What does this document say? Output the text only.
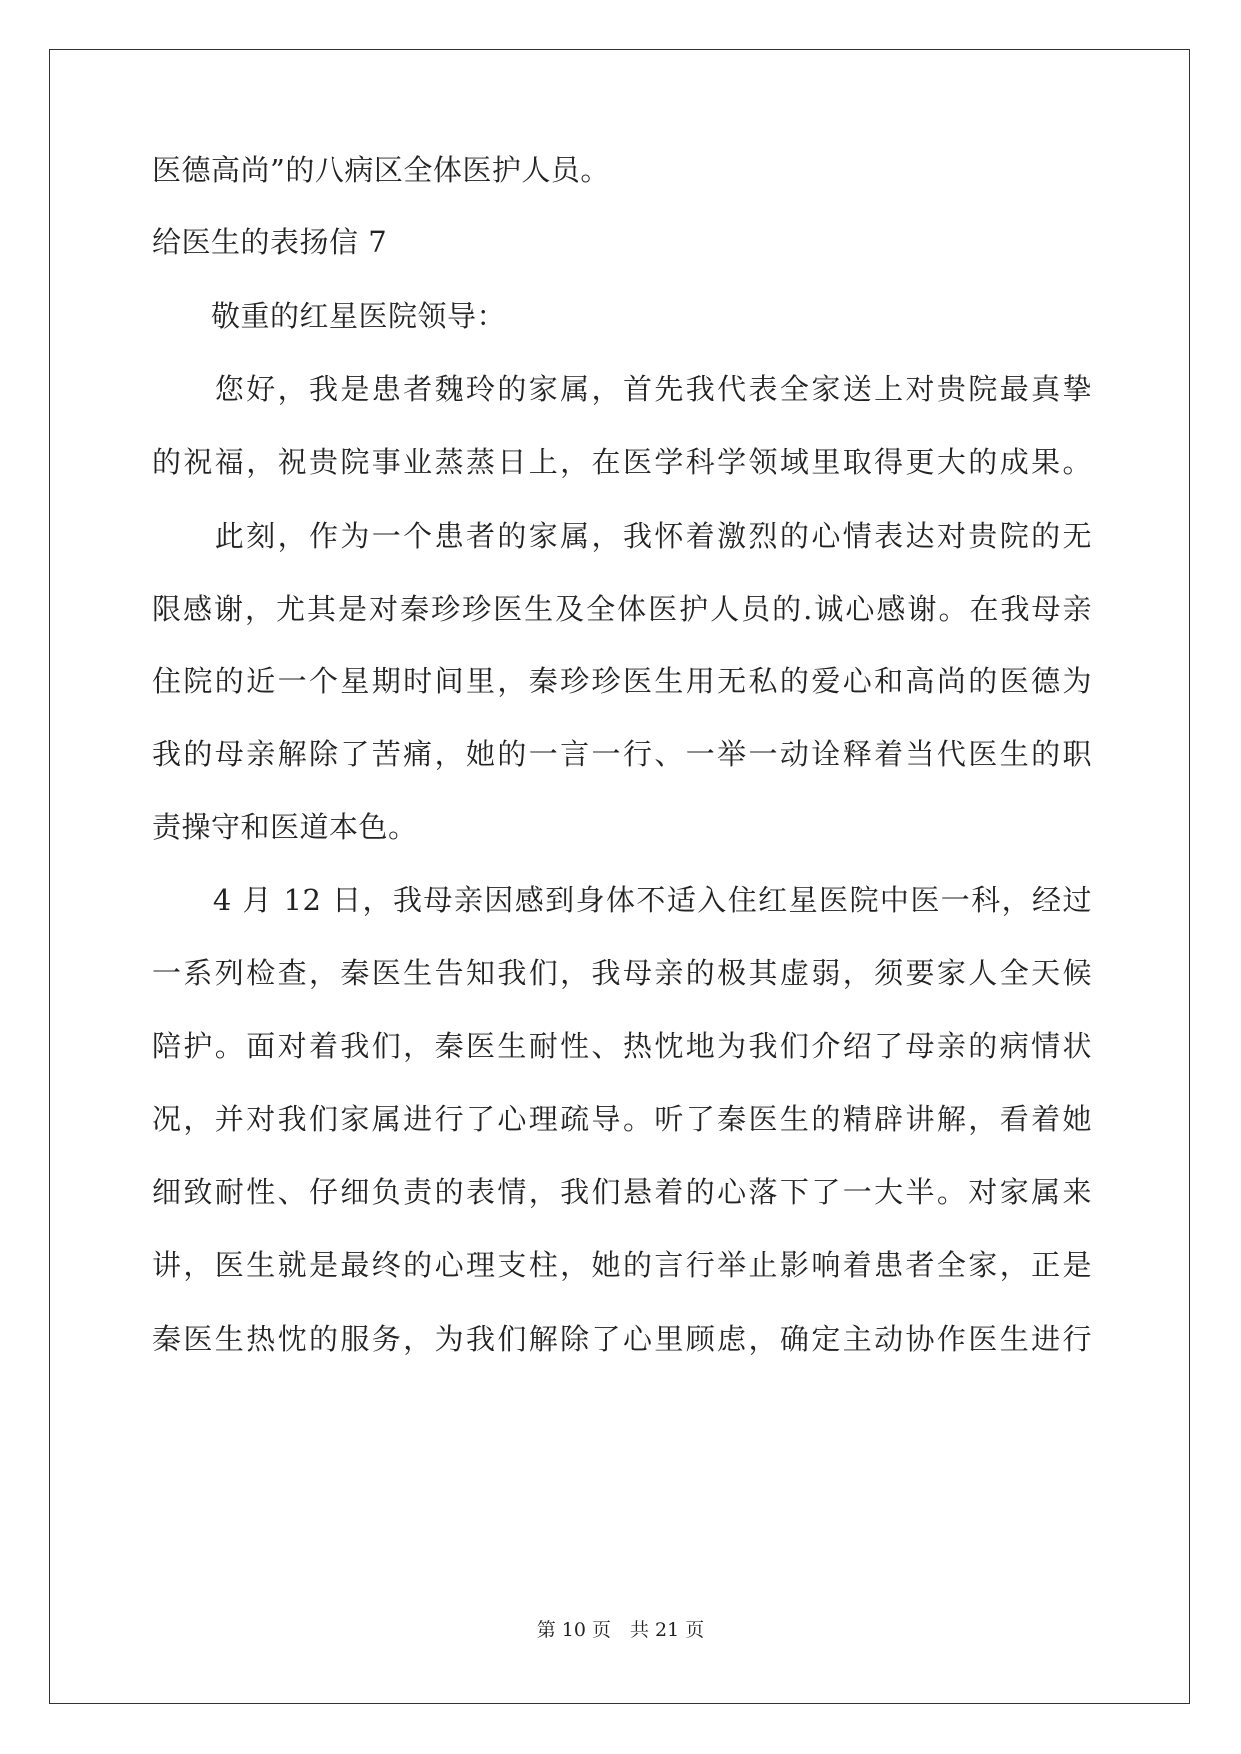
医德高尚”的八病区全体医护人员。
给医生的表扬信 7
　　敬重的红星医院领导：
　　您好，我是患者魏玲的家属，首先我代表全家送上对贵院最真挚
的祝福，祝贵院事业蒸蒸日上，在医学科学领域里取得更大的成果。
　　此刻，作为一个患者的家属，我怀着激烈的心情表达对贵院的无
限感谢，尤其是对秦珍珍医生及全体医护人员的.诚心感谢。在我母亲
住院的近一个星期时间里，秦珍珍医生用无私的爱心和高尚的医德为
我的母亲解除了苦痛，她的一言一行、一举一动诠释着当代医生的职
责操守和医道本色。
　　4 月 12 日，我母亲因感到身体不适入住红星医院中医一科，经过
一系列检查，秦医生告知我们，我母亲的极其虚弱，须要家人全天候
陪护。面对着我们，秦医生耐性、热忱地为我们介绍了母亲的病情状
况，并对我们家属进行了心理疏导。听了秦医生的精辟讲解，看着她
细致耐性、仔细负责的表情，我们悬着的心落下了一大半。对家属来
讲，医生就是最终的心理支柱，她的言行举止影响着患者全家，正是
秦医生热忱的服务，为我们解除了心里顾虑，确定主动协作医生进行
第 10 页　共 21 页
